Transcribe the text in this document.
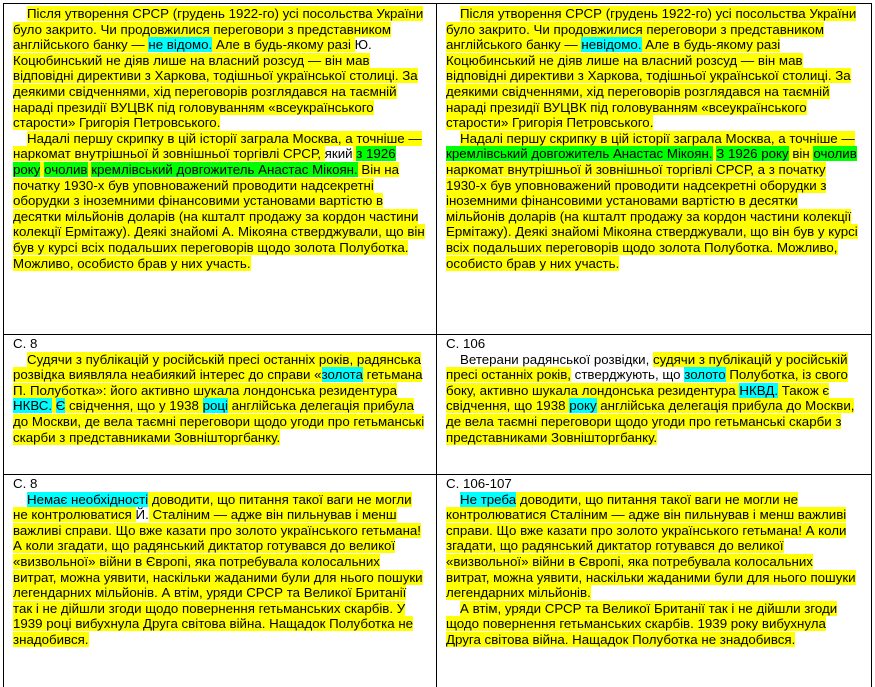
Після утворення СРСР (грудень 1922-го) усі посольства України було закрито. Чи продовжилися переговори з представником англійського банку — не відомо. Але в будь-якому разі Ю. Коцюбинський не діяв лише на власний розсуд — він мав відповідні директиви з Харкова, тодішньої української столиці. За деякими свідченнями, хід переговорів розглядався на таємній нараді президії ВУЦВК під головуванням «всеукраїнського старости» Григорія Петровського.

Надалі першу скрипку в цій історії заграла Москва, а точніше — наркомат внутрішньої й зовнішньої торгівлі СРСР, який з 1926 року очолив кремлівський довгожитель Анастас Мікоян. Він на початку 1930-х був уповноважений проводити надсекретні оборудки з іноземними фінансовими установами вартістю в десятки мільйонів доларів (на кшталт продажу за кордон частини колекції Ермітажу). Деякі знайомі А. Мікояна стверджували, що він був у курсі всіх подальших переговорів щодо золота Полуботка. Можливо, особисто брав у них участь.

Після утворення СРСР (грудень 1922-го) усі посольства України було закрито. Чи продовжилися переговори з представником англійського банку — невідомо. Але в будь-якому разі Коцюбинський не діяв лише на власний розсуд — він мав відповідні директиви з Харкова, тодішньої української столиці. За деякими свідченнями, хід переговорів розглядався на таємній нараді президії ВУЦВК під головуванням «всеукраїнського старости» Григорія Петровського.

Надалі першу скрипку в цій історії заграла Москва, а точніше — кремлівський довгожитель Анастас Мікоян. З 1926 року він очолив наркомат внутрішньої й зовнішньої торгівлі СРСР, а з початку 1930-х був уповноважений проводити надсекретні оборудки з іноземними фінансовими установами вартістю в десятки мільйонів доларів (на кшталт продажу за кордон частини колекції Ермітажу). Деякі знайомі Мікояна стверджували, що він був у курсі всіх подальших переговорів щодо золота Полуботка. Можливо, особисто брав у них участь.

С. 8

Судячи з публікацій у російській пресі останніх років, радянська розвідка виявляла неабиякий інтерес до справи «золота гетьмана П. Полуботка»: йогo активно шукала лондонська резидентура НКВС. Є свідчення, що у 1938 році англійська делегація прибула до Москви, де вела таємні переговори щодо угоди про гетьманські скарби з представниками Зовнішторгбанку.

С. 106

Ветерани радянської розвідки, судячи з публікацій у російській пресі останніх років, стверджують, що золото Полуботка, із свого боку, активно шукала лондонська резидентура НКВД. Також є свідчення, що 1938 року англійська делегація прибула до Москви, де вела таємні переговори щодо угоди про гетьманські скарби з представниками Зовнішторгбанку.

С. 8

Немає необхідності доводити, що питання такої ваги не могли не контролюватися Й. Сталіним — адже він пильнував і менш важливі справи. Що вже казати про золото українського гетьмана! А коли згадати, що радянський диктатор готувався до великої «визвольної» війни в Європі, яка потребувала колосальних витрат, можна уявити, наскільки жаданими були для нього пошуки легендарних мільйонів. А втім, уряди СРСР та Великої Британії так і не дійшли згоди щодо повернення гетьманських скарбів. У 1939 році вибухнула Друга світова війна. Нащадок Полуботка не знадобився.

С. 106-107

Не треба доводити, що питання такої ваги не могли не контролюватися Сталіним — адже він пильнував і менш важливі справи. Що вже казати про золото українського гетьмана! А коли згадати, що радянський диктатор готувався до великої «визвольної» війни в Європі, яка потребувала колосальних витрат, можна уявити, наскільки жаданими були для нього пошуки легендарних мільйонів.

А втім, уряди СРСР та Великої Британії так і не дійшли згоди щодо повернення гетьманських скарбів. 1939 року вибухнула Друга світова війна. Нащадок Полуботка не знадобився.
